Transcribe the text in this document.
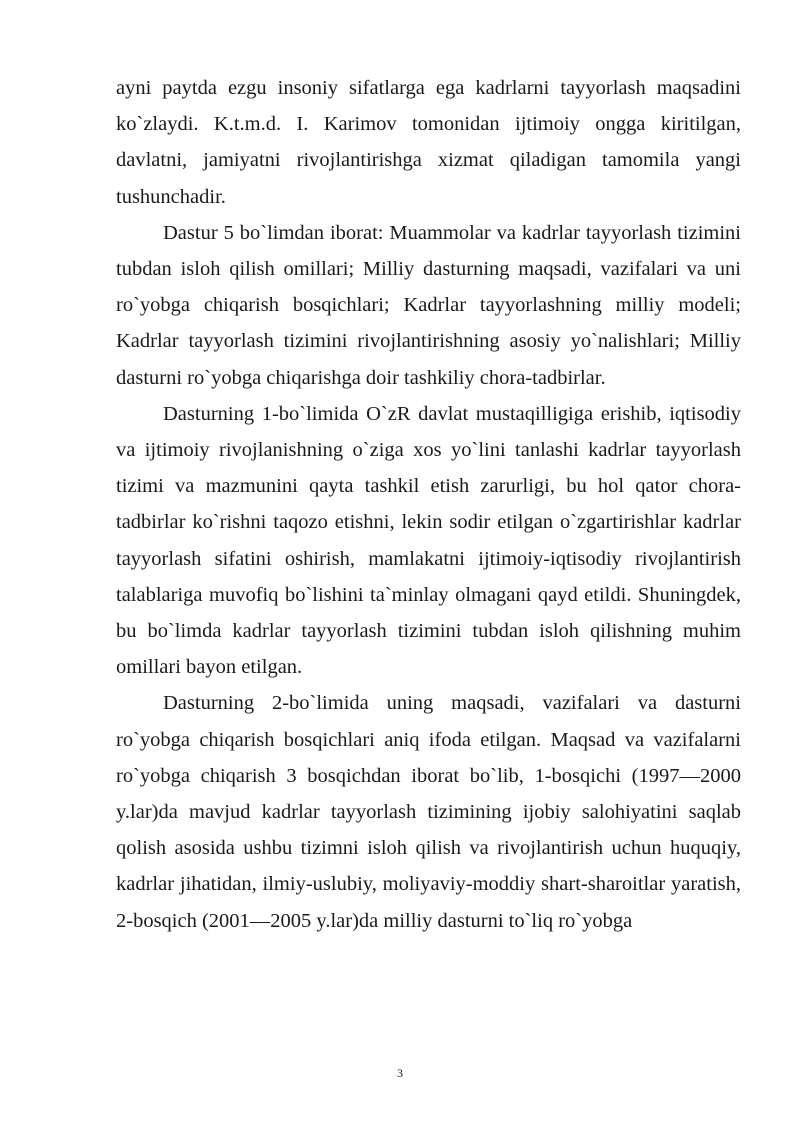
ayni paytda ezgu insoniy sifatlarga ega kadrlarni tayyorlash maqsadini ko`zlaydi. K.t.m.d. I. Karimov tomonidan ijtimoiy ongga kiritilgan, davlatni, jamiyatni rivojlantirishga xizmat qiladigan tamomila yangi tushunchadir.

Dastur 5 bo`limdan iborat: Muammolar va kadrlar tayyorlash tizimini tubdan isloh qilish omillari; Milliy dasturning maqsadi, vazifalari va uni ro`yobga chiqarish bosqichlari; Kadrlar tayyorlashning milliy modeli; Kadrlar tayyorlash tizimini rivojlantirishning asosiy yo`nalishlari; Milliy dasturni ro`yobga chiqarishga doir tashkiliy chora-tadbirlar.

Dasturning 1-bo`limida O`zR davlat mustaqilligiga erishib, iqtisodiy va ijtimoiy rivojlanishning o`ziga xos yo`lini tanlashi kadrlar tayyorlash tizimi va mazmunini qayta tashkil etish zarurligi, bu hol qator chora-tadbirlar ko`rishni taqozo etishni, lekin sodir etilgan o`zgartirishlar kadrlar tayyorlash sifatini oshirish, mamlakatni ijtimoiy-iqtisodiy rivojlantirish talablariga muvofiq bo`lishini ta`minlay olmagani qayd etildi. Shuningdek, bu bo`limda kadrlar tayyorlash tizimini tubdan isloh qilishning muhim omillari bayon etilgan.

Dasturning 2-bo`limida uning maqsadi, vazifalari va dasturni ro`yobga chiqarish bosqichlari aniq ifoda etilgan. Maqsad va vazifalarni ro`yobga chiqarish 3 bosqichdan iborat bo`lib, 1-bosqichi (1997—2000 y.lar)da mavjud kadrlar tayyorlash tizimining ijobiy salohiyatini saqlab qolish asosida ushbu tizimni isloh qilish va rivojlantirish uchun huquqiy, kadrlar jihatidan, ilmiy-uslubiy, moliyaviy-moddiy shart-sharoitlar yaratish, 2-bosqich (2001—2005 y.lar)da milliy dasturni to`liq ro`yobga

3
